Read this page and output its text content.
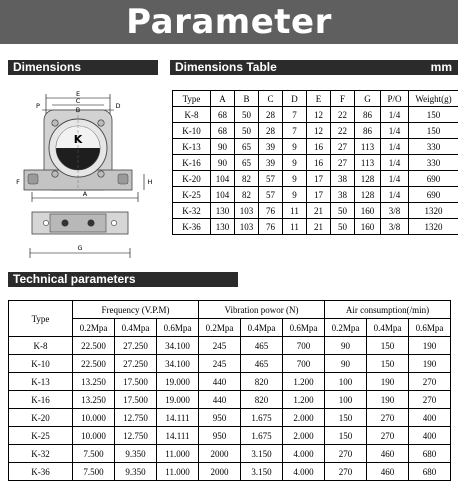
Parameter
Dimensions	Dimensions Table	mm
E
C
D
P	B
K
F
A
H
G
Type	A	B	C	D	E	F	G	P/O	Weight(g)
K-8	68	50	28	7	12	22	86	1/4	150
K-10	68	50	28	7	12	22	86	1/4	150
K-13	90	65	39	9	16	27	113	1/4	330
K-16	90	65	39	9	16	27	113	1/4	330
K-20	104	82	57	9	17	38	128	1/4	690
K-25	104	82	57	9	17	38	128	1/4	690
K-32	130	103	76	11	21	50	160	3/8	1320
K-36	130	103	76	11	21	50	160	3/8	1320
Technical parameters
Type	Frequency (V.P.M)			Vibration powor (N)			Air consumption(/min)		
	0.2Mpa	0.4Mpa	0.6Mpa	0.2Mpa	0.4Mpa	0.6Mpa	0.2Mpa	0.4Mpa	0.6Mpa
K-8	22.500	27.250	34.100	245	465	700	90	150	190
K-10	22.500	27.250	34.100	245	465	700	90	150	190
K-13	13.250	17.500	19.000	440	820	1.200	100	190	270
K-16	13.250	17.500	19.000	440	820	1.200	100	190	270
K-20	10.000	12.750	14.111	950	1.675	2.000	150	270	400
K-25	10.000	12.750	14.111	950	1.675	2.000	150	270	400
K-32	7.500	9.350	11.000	2000	3.150	4.000	270	460	680
K-36	7.500	9.350	11.000	2000	3.150	4.000	270	460	680
